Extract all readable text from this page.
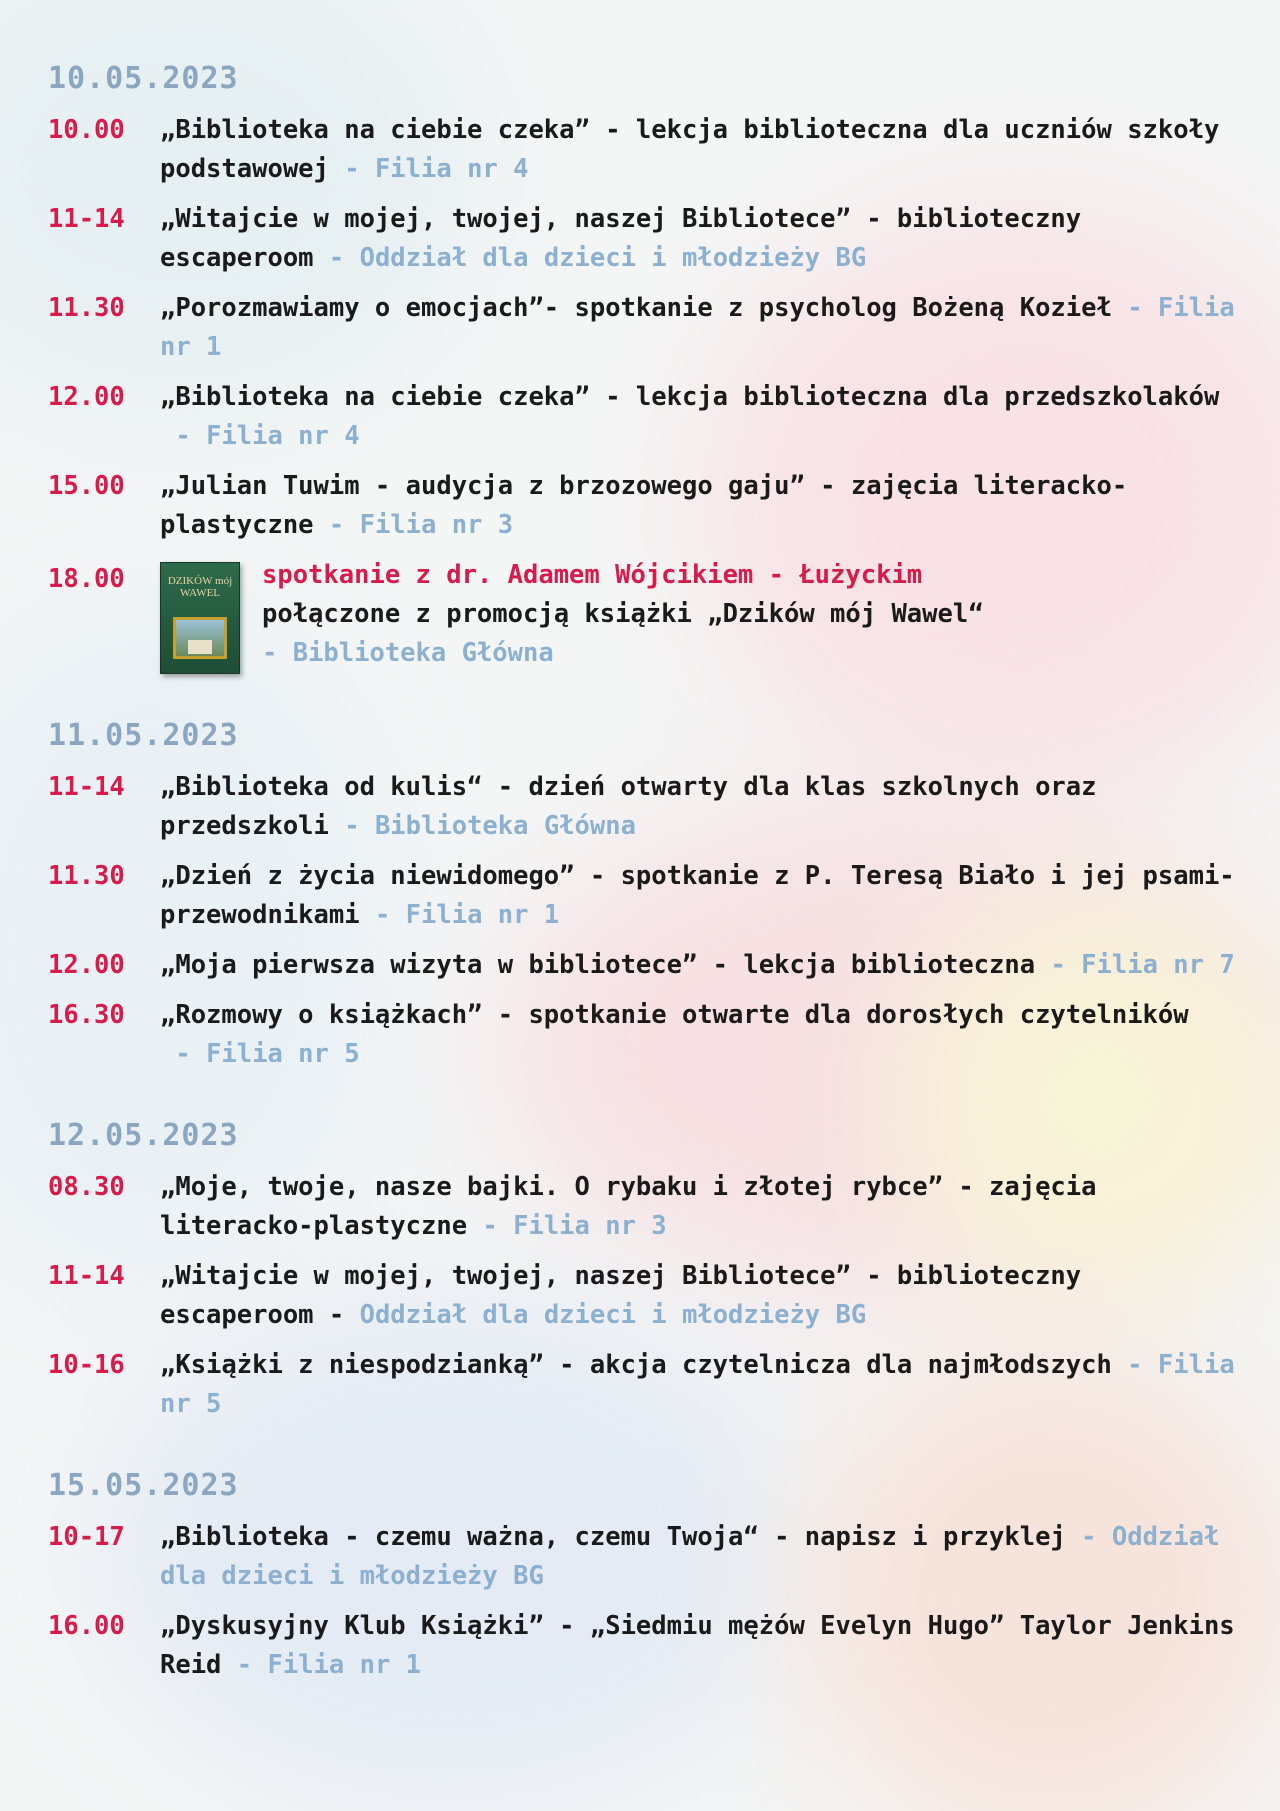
10.05.2023
10.00	„Biblioteka na ciebie czeka” - lekcja biblioteczna dla uczniów szkoły podstawowej - Filia nr 4
11-14	„Witajcie w mojej, twojej, naszej Bibliotece” - biblioteczny escaperoom - Oddział dla dzieci i młodzieży BG
11.30	„Porozmawiamy o emocjach”- spotkanie z psycholog Bożeną Kozieł - Filia nr 1
12.00	„Biblioteka na ciebie czeka” - lekcja biblioteczna dla przedszkolaków - Filia nr 4
15.00	„Julian Tuwim - audycja z brzozowego gaju” - zajęcia literacko-plastyczne - Filia nr 3
18.00	DZIKÓW mój WAWEL
spotkanie z dr. Adamem Wójcikiem - Łużyckim
połączone z promocją książki „Dzików mój Wawel“
- Biblioteka Główna
11.05.2023
11-14	„Biblioteka od kulis“ - dzień otwarty dla klas szkolnych oraz przedszkoli - Biblioteka Główna
11.30	„Dzień z życia niewidomego” - spotkanie z P. Teresą Biało i jej psami-przewodnikami - Filia nr 1
12.00	„Moja pierwsza wizyta w bibliotece” - lekcja biblioteczna - Filia nr 7
16.30	„Rozmowy o książkach” - spotkanie otwarte dla dorosłych czytelników - Filia nr 5
12.05.2023
08.30	„Moje, twoje, nasze bajki. O rybaku i złotej rybce” - zajęcia literacko-plastyczne - Filia nr 3
11-14	„Witajcie w mojej, twojej, naszej Bibliotece” - biblioteczny escaperoom - Oddział dla dzieci i młodzieży BG
10-16	„Książki z niespodzianką” - akcja czytelnicza dla najmłodszych - Filia nr 5
15.05.2023
10-17	„Biblioteka - czemu ważna, czemu Twoja“ - napisz i przyklej - Oddział dla dzieci i młodzieży BG
16.00	„Dyskusyjny Klub Książki” - „Siedmiu mężów Evelyn Hugo” Taylor Jenkins Reid - Filia nr 1
